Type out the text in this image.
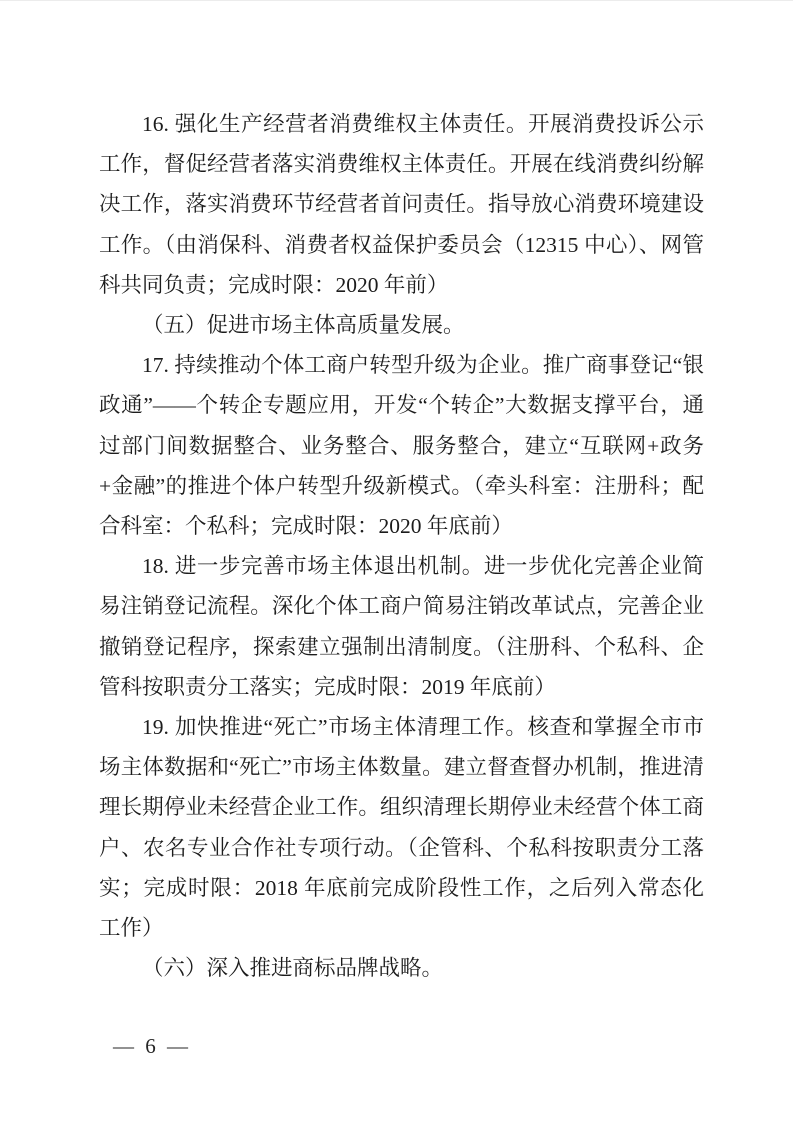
16. 强化生产经营者消费维权主体责任。开展消费投诉公示工作，督促经营者落实消费维权主体责任。开展在线消费纠纷解决工作，落实消费环节经营者首问责任。指导放心消费环境建设工作。（由消保科、消费者权益保护委员会（12315 中心）、网管科共同负责；完成时限：2020 年前）

（五）促进市场主体高质量发展。

17. 持续推动个体工商户转型升级为企业。推广商事登记“银政通”——个转企专题应用，开发“个转企”大数据支撑平台，通过部门间数据整合、业务整合、服务整合，建立“互联网+政务+金融”的推进个体户转型升级新模式。（牵头科室：注册科；配合科室：个私科；完成时限：2020 年底前）

18. 进一步完善市场主体退出机制。进一步优化完善企业简易注销登记流程。深化个体工商户简易注销改革试点，完善企业撤销登记程序，探索建立强制出清制度。（注册科、个私科、企管科按职责分工落实；完成时限：2019 年底前）

19. 加快推进“死亡”市场主体清理工作。核查和掌握全市市场主体数据和“死亡”市场主体数量。建立督查督办机制，推进清理长期停业未经营企业工作。组织清理长期停业未经营个体工商户、农名专业合作社专项行动。（企管科、个私科按职责分工落实；完成时限：2018 年底前完成阶段性工作，之后列入常态化工作）

（六）深入推进商标品牌战略。

— 6 —
